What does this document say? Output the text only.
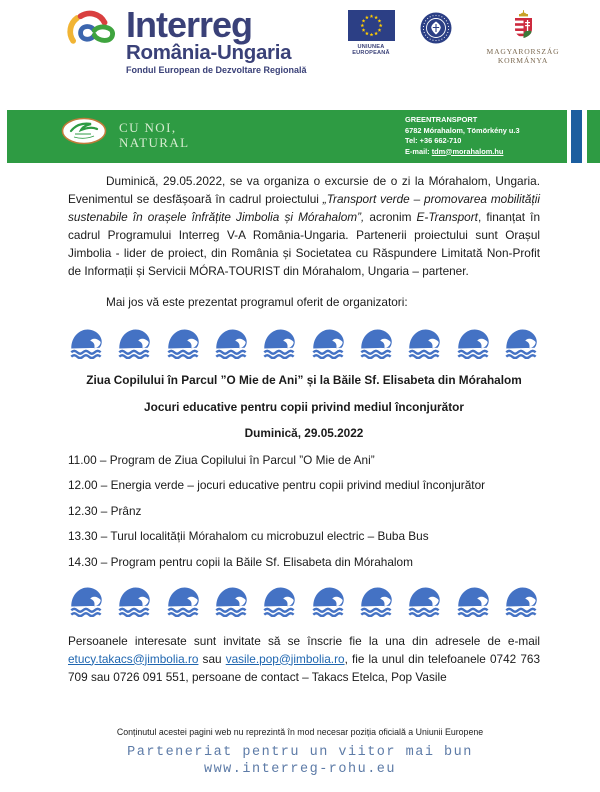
Interreg
România-Ungaria
Fondul European de Dezvoltare Regională
UNIUNEA EUROPEANĂ	MAGYARORSZÁG
KORMÁNYA
CU NOI,
NATURAL
GREENTRANSPORT
6782 Mórahalom, Tömörkény u.3
Tel: +36 662-710
E-mail: tdm@morahalom.hu

Duminică, 29.05.2022, se va organiza o excursie de o zi la Mórahalom, Ungaria. Evenimentul se desfășoară în cadrul proiectului „Transport verde – promovarea mobilității sustenabile în orașele înfrățite Jimbolia și Mórahalom”, acronim E-Transport, finanțat în cadrul Programului Interreg V-A România-Ungaria. Partenerii proiectului sunt Orașul Jimbolia - lider de proiect, din România și Societatea cu Răspundere Limitată Non-Profit de Informații și Servicii MÓRA-TOURIST din Mórahalom, Ungaria – partener.

Mai jos vă este prezentat programul oferit de organizatori:

Ziua Copilului în Parcul ”O Mie de Ani” și la Băile Sf. Elisabeta din Mórahalom

Jocuri educative pentru copii privind mediul înconjurător

Duminică, 29.05.2022

11.00 – Program de Ziua Copilului în Parcul ”O Mie de Ani”

12.00 – Energia verde – jocuri educative pentru copii privind mediul înconjurător

12.30 – Prânz

13.30 – Turul localității Mórahalom cu microbuzul electric – Buba Bus

14.30 – Program pentru copii la Băile Sf. Elisabeta din Mórahalom

Persoanele interesate sunt invitate să se înscrie fie la una din adresele de e-mail etucy.takacs@jimbolia.ro sau vasile.pop@jimbolia.ro, fie la unul din telefoanele 0742 763 709 sau 0726 091 551, persoane de contact – Takacs Etelca, Pop Vasile

Conținutul acestei pagini web nu reprezintă în mod necesar poziția oficială a Uniunii Europene
Parteneriat pentru un viitor mai bun
www.interreg-rohu.eu
